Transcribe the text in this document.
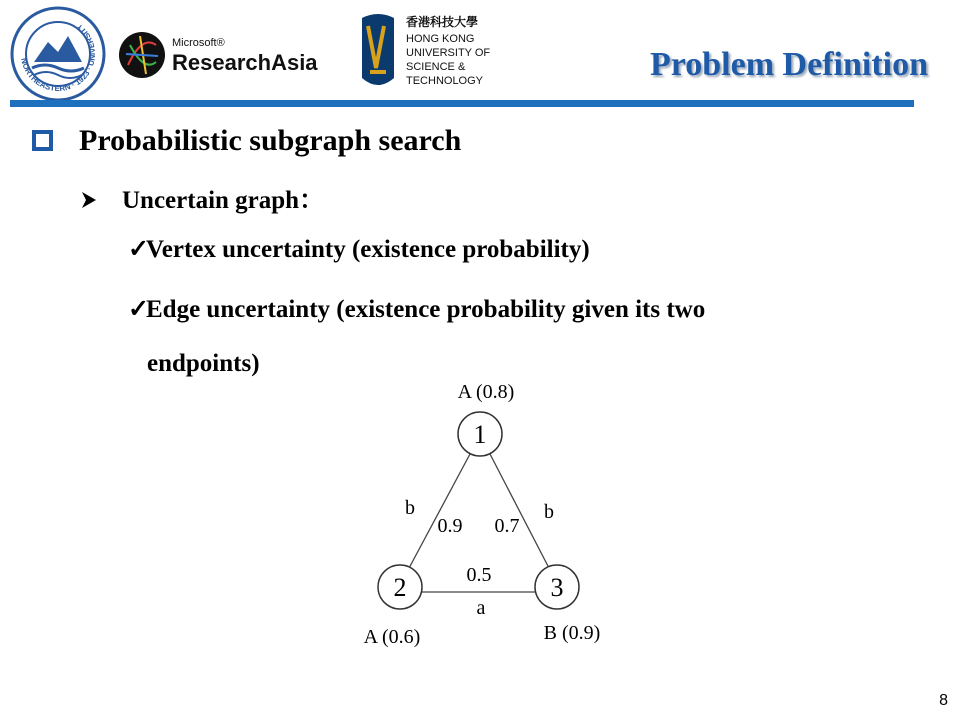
NORTHEASTERN · 1923 · UNIVERSITY
Microsoft®
ResearchAsia
香港科技大學
HONG KONG
UNIVERSITY OF
SCIENCE &
TECHNOLOGY	Problem Definition
Probabilistic subgraph search
Uncertain graph：
✓Vertex uncertainty (existence probability)
✓Edge uncertainty (existence probability given its two
endpoints)
1
2	3
A (0.8)
A (0.6)	B (0.9)
b
0.9
b
0.7
0.5
a
8
